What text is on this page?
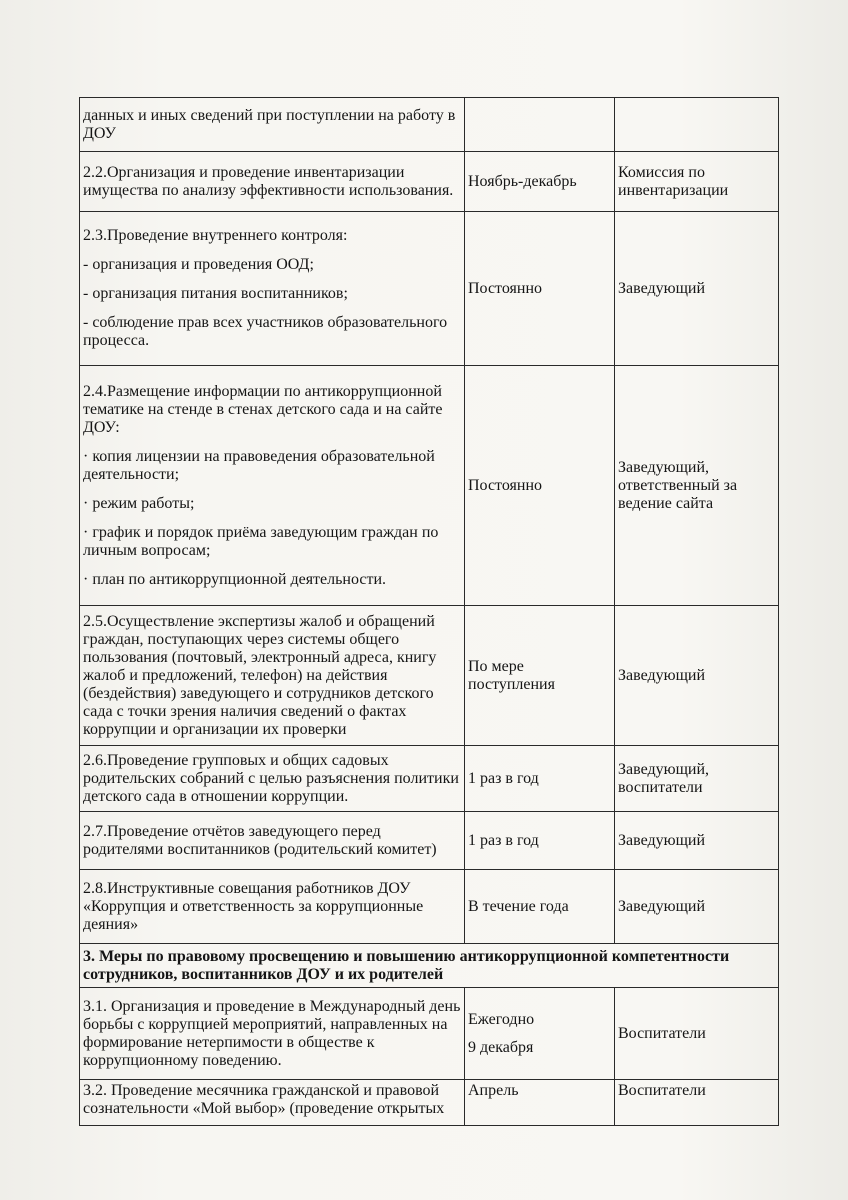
данных и иных сведений при поступлении на работу в ДОУ		

2.2.Организация и проведение инвентаризации имущества по анализу эффективности использования.	Ноябрь-декабрь	Комиссия по инвентаризации

2.3.Проведение внутреннего контроля:

- организация и проведения ООД;

- организация питания воспитанников;

- соблюдение прав всех участников образовательного процесса.	Постоянно	Заведующий

2.4.Размещение информации по антикоррупционной тематике на стенде в стенах детского сада и на сайте ДОУ:

· копия лицензии на правоведения образовательной деятельности;

· режим работы;

· график и порядок приёма заведующим граждан по личным вопросам;

· план по антикоррупционной деятельности.	Постоянно	Заведующий, ответственный за ведение сайта

2.5.Осуществление экспертизы жалоб и обращений граждан, поступающих через системы общего пользования (почтовый, электронный адреса, книгу жалоб и предложений, телефон) на действия (бездействия) заведующего и сотрудников детского сада с точки зрения наличия сведений о фактах коррупции и организации их проверки	По мере поступления	Заведующий

2.6.Проведение групповых и общих садовых родительских собраний с целью разъяснения политики детского сада в отношении коррупции.	1 раз в год	Заведующий, воспитатели

2.7.Проведение отчётов заведующего перед родителями воспитанников (родительский комитет)	1 раз в год	Заведующий

2.8.Инструктивные совещания работников ДОУ «Коррупция и ответственность за коррупционные деяния»	В течение года	Заведующий
3. Меры по правовому просвещению и повышению антикоррупционной компетентности сотрудников, воспитанников ДОУ и их родителей		
3.1. Организация и проведение в Международный день борьбы с коррупцией мероприятий, направленных на формирование нетерпимости в обществе к коррупционному поведению.	Ежегодно

9 декабря	Воспитатели
3.2. Проведение месячника гражданской и правовой сознательности «Мой выбор» (проведение открытых	Апрель	Воспитатели
